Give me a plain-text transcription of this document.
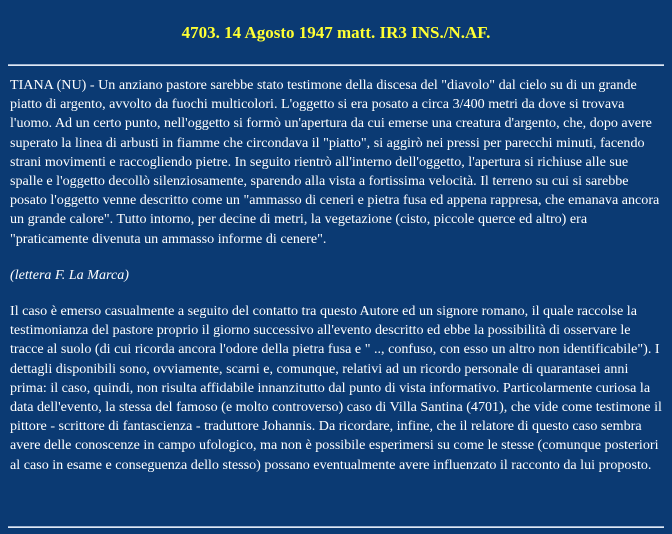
4703. 14 Agosto 1947 matt. IR3 INS./N.AF.

TIANA (NU) - Un anziano pastore sarebbe stato testimone della discesa del "diavolo" dal cielo su di un grande piatto di argento, avvolto da fuochi multicolori. L'oggetto si era posato a circa 3/400 metri da dove si trovava l'uomo. Ad un certo punto, nell'oggetto si formò un'apertura da cui emerse una creatura d'argento, che, dopo avere superato la linea di arbusti in fiamme che circondava il "piatto", si aggirò nei pressi per parecchi minuti, facendo strani movimenti e raccogliendo pietre. In seguito rientrò all'interno dell'oggetto, l'apertura si richiuse alle sue spalle e l'oggetto decollò silenziosamente, sparendo alla vista a fortissima velocità. Il terreno su cui si sarebbe posato l'oggetto venne descritto come un "ammasso di ceneri e pietra fusa ed appena rappresa, che emanava ancora un grande calore". Tutto intorno, per decine di metri, la vegetazione (cisto, piccole querce ed altro) era "praticamente divenuta un ammasso informe di cenere".

(lettera F. La Marca)

Il caso è emerso casualmente a seguito del contatto tra questo Autore ed un signore romano, il quale raccolse la testimonianza del pastore proprio il giorno successivo all'evento descritto ed ebbe la possibilità di osservare le tracce al suolo (di cui ricorda ancora l'odore della pietra fusa e " .., confuso, con esso un altro non identificabile"). I dettagli disponibili sono, ovviamente, scarni e, comunque, relativi ad un ricordo personale di quarantasei anni prima: il caso, quindi, non risulta affidabile innanzitutto dal punto di vista informativo. Particolarmente curiosa la data dell'evento, la stessa del famoso (e molto controverso) caso di Villa Santina (4701), che vide come testimone il pittore - scrittore di fantascienza - traduttore Johannis. Da ricordare, infine, che il relatore di questo caso sembra avere delle conoscenze in campo ufologico, ma non è possibile esperimersi su come le stesse (comunque posteriori al caso in esame e conseguenza dello stesso) possano eventualmente avere influenzato il racconto da lui proposto.
